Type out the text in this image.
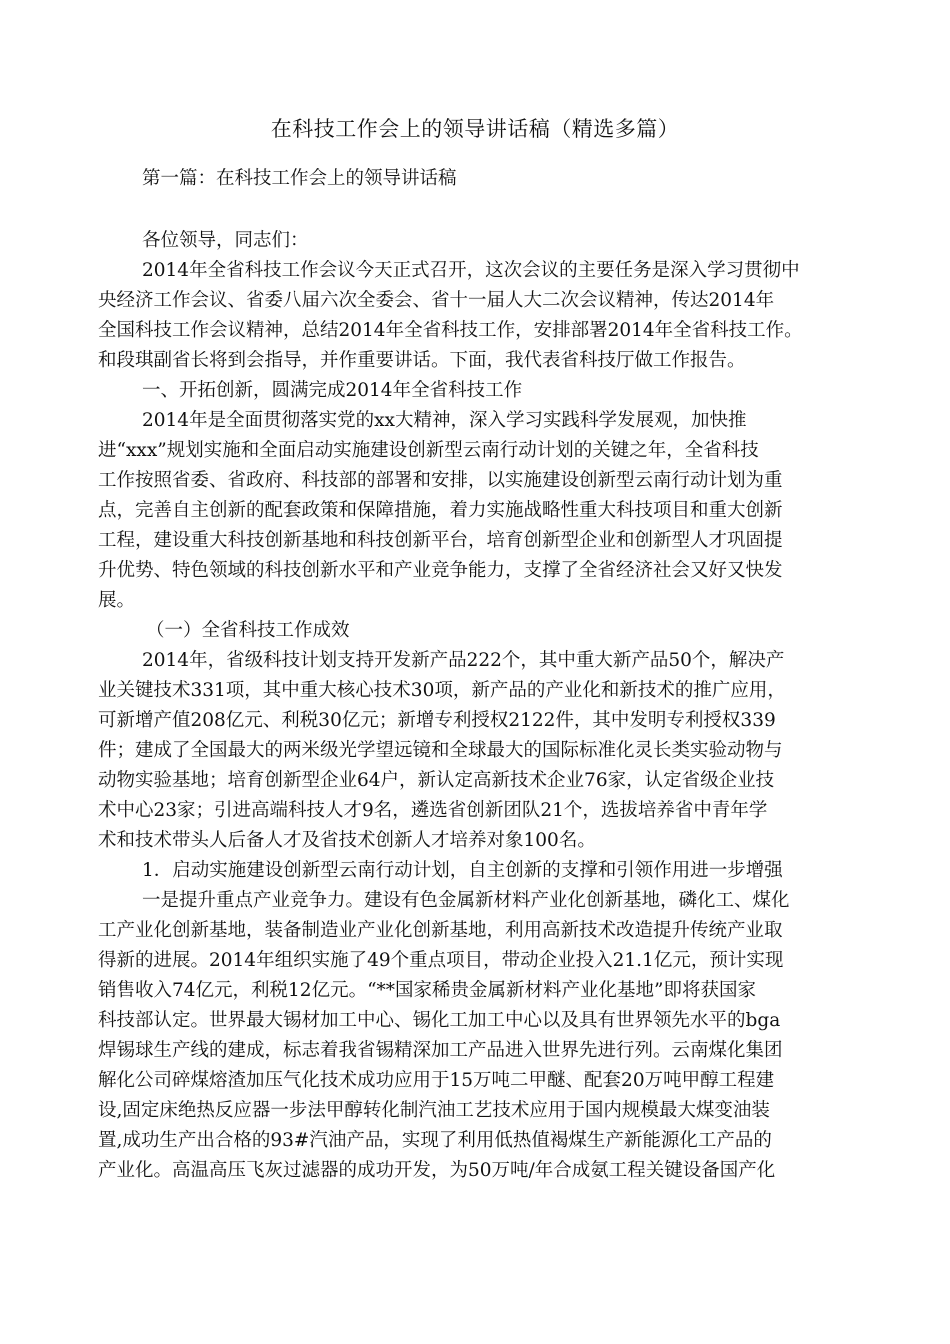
在科技工作会上的领导讲话稿（精选多篇）
第一篇：在科技工作会上的领导讲话稿
各位领导，同志们：
2014年全省科技工作会议今天正式召开，这次会议的主要任务是深入学习贯彻中
央经济工作会议、省委八届六次全委会、省十一届人大二次会议精神，传达2014年
全国科技工作会议精神，总结2014年全省科技工作，安排部署2014年全省科技工作。
和段琪副省长将到会指导，并作重要讲话。下面，我代表省科技厅做工作报告。
一、开拓创新，圆满完成2014年全省科技工作
2014年是全面贯彻落实党的xx大精神，深入学习实践科学发展观，加快推
进“xxx”规划实施和全面启动实施建设创新型云南行动计划的关键之年，全省科技
工作按照省委、省政府、科技部的部署和安排，以实施建设创新型云南行动计划为重
点，完善自主创新的配套政策和保障措施，着力实施战略性重大科技项目和重大创新
工程，建设重大科技创新基地和科技创新平台，培育创新型企业和创新型人才巩固提
升优势、特色领域的科技创新水平和产业竞争能力，支撑了全省经济社会又好又快发
展。
（一）全省科技工作成效
2014年，省级科技计划支持开发新产品222个，其中重大新产品50个，解决产
业关键技术331项，其中重大核心技术30项，新产品的产业化和新技术的推广应用，
可新增产值208亿元、利税30亿元；新增专利授权2122件，其中发明专利授权339
件；建成了全国最大的两米级光学望远镜和全球最大的国际标准化灵长类实验动物与
动物实验基地；培育创新型企业64户，新认定高新技术企业76家，认定省级企业技
术中心23家；引进高端科技人才9名，遴选省创新团队21个，选拔培养省中青年学
术和技术带头人后备人才及省技术创新人才培养对象100名。
1．启动实施建设创新型云南行动计划，自主创新的支撑和引领作用进一步增强
一是提升重点产业竞争力。建设有色金属新材料产业化创新基地，磷化工、煤化
工产业化创新基地，装备制造业产业化创新基地，利用高新技术改造提升传统产业取
得新的进展。2014年组织实施了49个重点项目，带动企业投入21.1亿元，预计实现
销售收入74亿元，利税12亿元。“**国家稀贵金属新材料产业化基地”即将获国家
科技部认定。世界最大锡材加工中心、锡化工加工中心以及具有世界领先水平的bga
焊锡球生产线的建成，标志着我省锡精深加工产品进入世界先进行列。云南煤化集团
解化公司碎煤熔渣加压气化技术成功应用于15万吨二甲醚、配套20万吨甲醇工程建
设,固定床绝热反应器一步法甲醇转化制汽油工艺技术应用于国内规模最大煤变油装
置,成功生产出合格的93#汽油产品，实现了利用低热值褐煤生产新能源化工产品的
产业化。高温高压飞灰过滤器的成功开发，为50万吨/年合成氨工程关键设备国产化
